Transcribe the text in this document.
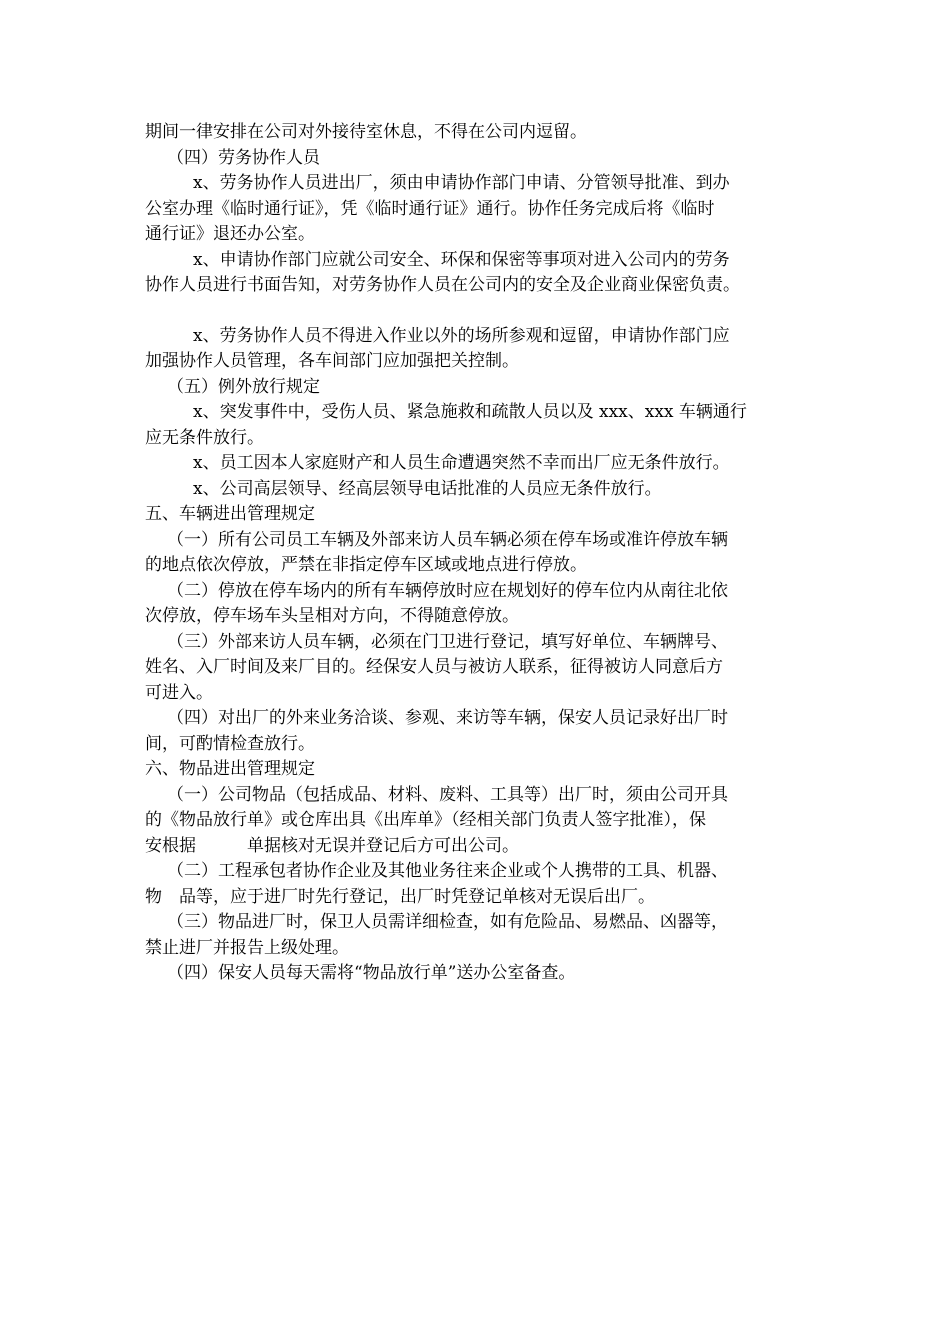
期间一律安排在公司对外接待室休息，不得在公司内逗留。
（四）劳务协作人员
x、劳务协作人员进出厂，须由申请协作部门申请、分管领导批准、到办
公室办理《临时通行证》，凭《临时通行证》通行。协作任务完成后将《临时
通行证》退还办公室。
x、申请协作部门应就公司安全、环保和保密等事项对进入公司内的劳务
协作人员进行书面告知，对劳务协作人员在公司内的安全及企业商业保密负责。

x、劳务协作人员不得进入作业以外的场所参观和逗留，申请协作部门应
加强协作人员管理，各车间部门应加强把关控制。
（五）例外放行规定
x、突发事件中，受伤人员、紧急施救和疏散人员以及 xxx、xxx 车辆通行
应无条件放行。
x、员工因本人家庭财产和人员生命遭遇突然不幸而出厂应无条件放行。
x、公司高层领导、经高层领导电话批准的人员应无条件放行。
五、车辆进出管理规定
（一）所有公司员工车辆及外部来访人员车辆必须在停车场或准许停放车辆
的地点依次停放，严禁在非指定停车区域或地点进行停放。
（二）停放在停车场内的所有车辆停放时应在规划好的停车位内从南往北依
次停放，停车场车头呈相对方向，不得随意停放。
（三）外部来访人员车辆，必须在门卫进行登记，填写好单位、车辆牌号、
姓名、入厂时间及来厂目的。经保安人员与被访人联系，征得被访人同意后方
可进入。
（四）对出厂的外来业务洽谈、参观、来访等车辆，保安人员记录好出厂时
间，可酌情检查放行。
六、物品进出管理规定
（一）公司物品（包括成品、材料、废料、工具等）出厂时，须由公司开具
的《物品放行单》或仓库出具《出库单》（经相关部门负责人签字批准），保
安根据　　　单据核对无误并登记后方可出公司。
（二）工程承包者协作企业及其他业务往来企业或个人携带的工具、机器、
物　品等，应于进厂时先行登记，出厂时凭登记单核对无误后出厂。
（三）物品进厂时，保卫人员需详细检查，如有危险品、易燃品、凶器等，
禁止进厂并报告上级处理。
（四）保安人员每天需将“物品放行单”送办公室备查。
